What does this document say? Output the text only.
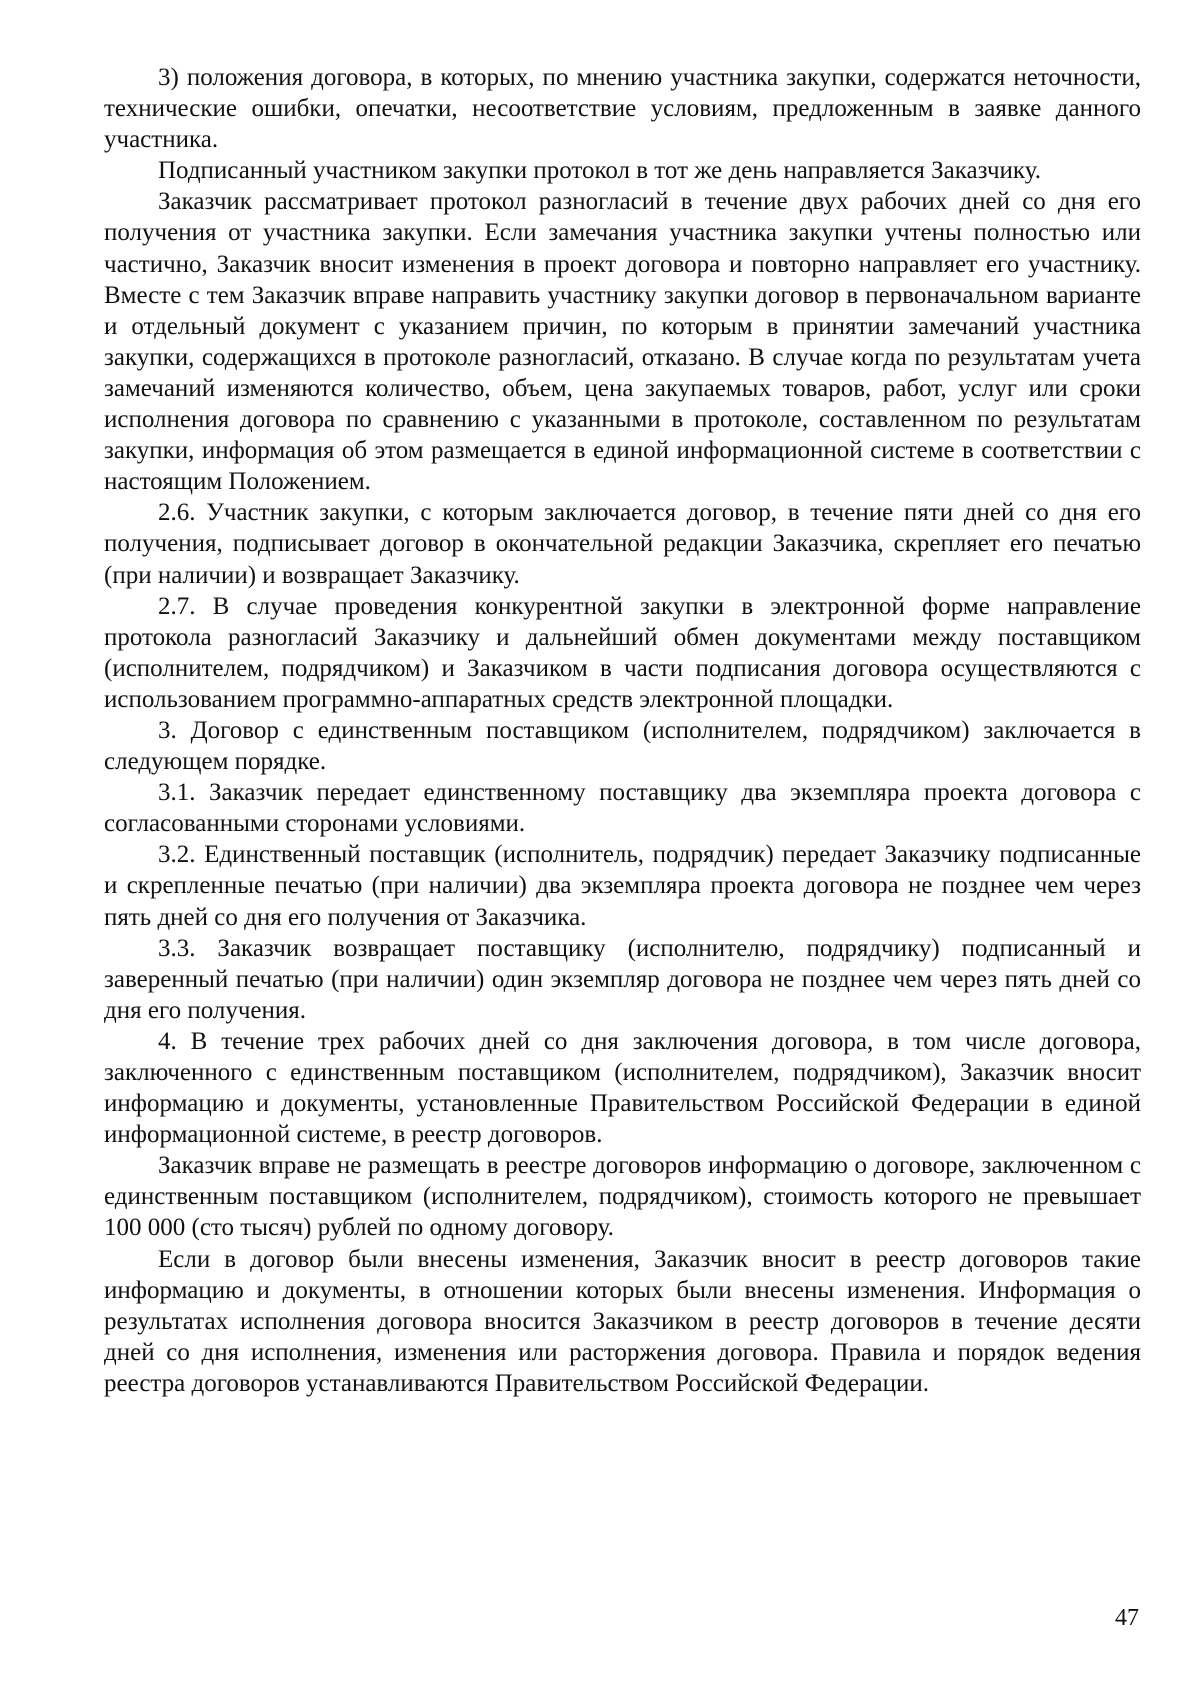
3) положения договора, в которых, по мнению участника закупки, содержатся неточности, технические ошибки, опечатки, несоответствие условиям, предложенным в заявке данного участника.

Подписанный участником закупки протокол в тот же день направляется Заказчику.

Заказчик рассматривает протокол разногласий в течение двух рабочих дней со дня его получения от участника закупки. Если замечания участника закупки учтены полностью или частично, Заказчик вносит изменения в проект договора и повторно направляет его участнику. Вместе с тем Заказчик вправе направить участнику закупки договор в первоначальном варианте и отдельный документ с указанием причин, по которым в принятии замечаний участника закупки, содержащихся в протоколе разногласий, отказано. В случае когда по результатам учета замечаний изменяются количество, объем, цена закупаемых товаров, работ, услуг или сроки исполнения договора по сравнению с указанными в протоколе, составленном по результатам закупки, информация об этом размещается в единой информационной системе в соответствии с настоящим Положением.

2.6. Участник закупки, с которым заключается договор, в течение пяти дней со дня его получения, подписывает договор в окончательной редакции Заказчика, скрепляет его печатью (при наличии) и возвращает Заказчику.

2.7. В случае проведения конкурентной закупки в электронной форме направление протокола разногласий Заказчику и дальнейший обмен документами между поставщиком (исполнителем, подрядчиком) и Заказчиком в части подписания договора осуществляются с использованием программно-аппаратных средств электронной площадки.

3. Договор с единственным поставщиком (исполнителем, подрядчиком) заключается в следующем порядке.

3.1. Заказчик передает единственному поставщику два экземпляра проекта договора с согласованными сторонами условиями.

3.2. Единственный поставщик (исполнитель, подрядчик) передает Заказчику подписанные и скрепленные печатью (при наличии) два экземпляра проекта договора не позднее чем через пять дней со дня его получения от Заказчика.

3.3. Заказчик возвращает поставщику (исполнителю, подрядчику) подписанный и заверенный печатью (при наличии) один экземпляр договора не позднее чем через пять дней со дня его получения.

4. В течение трех рабочих дней со дня заключения договора, в том числе договора, заключенного с единственным поставщиком (исполнителем, подрядчиком), Заказчик вносит информацию и документы, установленные Правительством Российской Федерации в единой информационной системе, в реестр договоров.

Заказчик вправе не размещать в реестре договоров информацию о договоре, заключенном с единственным поставщиком (исполнителем, подрядчиком), стоимость которого не превышает 100 000 (сто тысяч) рублей по одному договору.

Если в договор были внесены изменения, Заказчик вносит в реестр договоров такие информацию и документы, в отношении которых были внесены изменения. Информация о результатах исполнения договора вносится Заказчиком в реестр договоров в течение десяти дней со дня исполнения, изменения или расторжения договора. Правила и порядок ведения реестра договоров устанавливаются Правительством Российской Федерации.

47
